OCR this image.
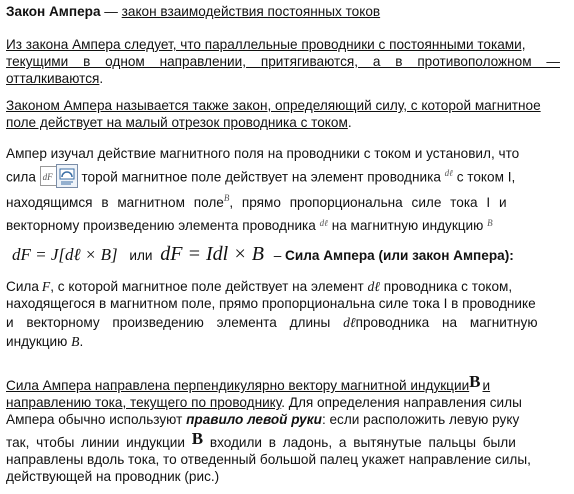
Закон Ампера — закон взаимодействия постоянных токов

Из закона Ампера следует, что параллельные проводники с постоянными токами,

текущими в одном направлении, притягиваются, а в противоположном —

отталкиваются.

Законом Ампера называется также закон, определяющий силу, с которой магнитное

поле действует на малый отрезок проводника с током.

Ампер изучал действие магнитного поля на проводники с током и установил, что

сила dF торой магнитное поле действует на элемент проводника $^{d\ell}$ с током I,

находящимся в магнитном поле$^B$, прямо пропорциональна силе тока I и

векторному произведению элемента проводника $^{d\ell}$ на магнитную индукцию $^B$

dF = J[dℓ × B] или dF = Idl × B – Сила Ампера (или закон Ампера):

Сила F, с которой магнитное поле действует на элемент dℓ проводника с током,

находящегося в магнитном поле, прямо пропорциональна силе тока I в проводнике

и векторному произведению элемента длины dℓпроводника на магнитную

индукцию B.

Сила Ампера направлена перпендикулярно вектору магнитной индукцииB и

направлению тока, текущего по проводнику. Для определения направления силы

Ампера обычно используют правило левой руки: если расположить левую руку

так, чтобы линии индукции B входили в ладонь, а вытянутые пальцы были

направлены вдоль тока, то отведенный большой палец укажет направление силы,

действующей на проводник (рис.)
